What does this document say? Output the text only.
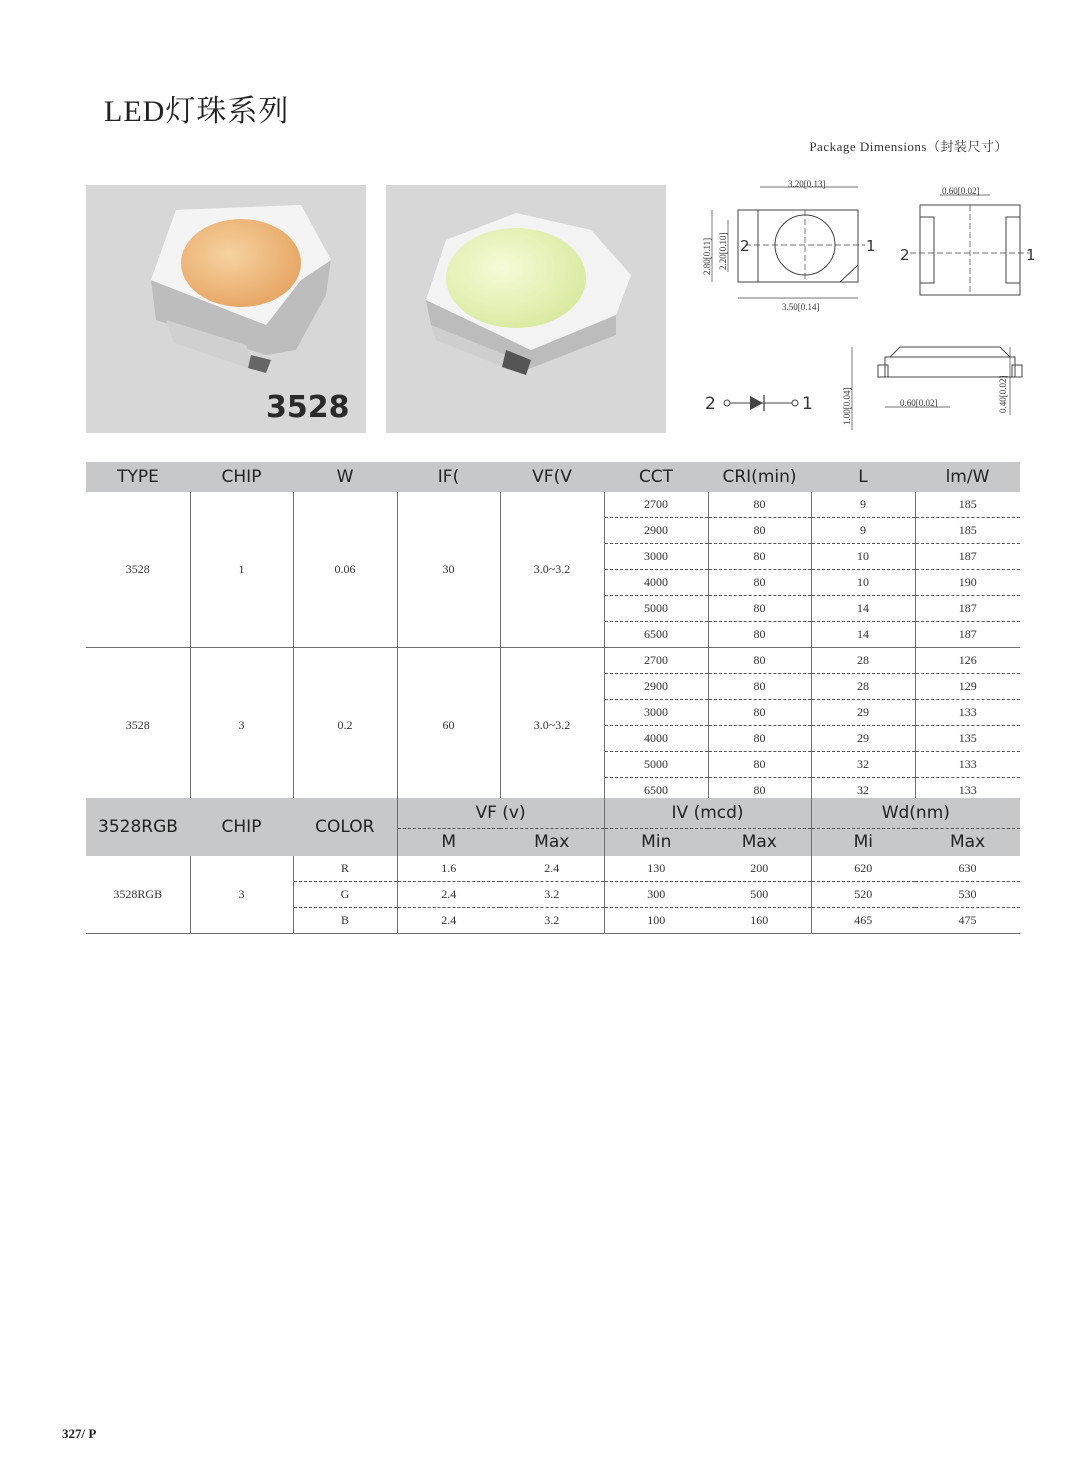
LED灯珠系列
Package Dimensions（封装尺寸）
3528
3.20[0.13]
2	1
3.50[0.14]
2.80[0.11] 2.20[0.10]
0.60[0.02]
2	1
1.00[0.04]	0.60[0.02]	0.40[0.02]
2	1
TYPE	CHIP	W	IF(	VF(V	CCT	CRI(min)	L	lm/W
3528	1	0.06	30	3.0~3.2	2700	80	9	185
					2900	80	9	185
					3000	80	10	187
					4000	80	10	190
					5000	80	14	187
					6500	80	14	187
3528	3	0.2	60	3.0~3.2	2700	80	28	126
					2900	80	28	129
					3000	80	29	133
					4000	80	29	135
					5000	80	32	133
					6500	80	32	133
3528RGB	CHIP	COLOR	VF (v)		IV (mcd)		Wd(nm)	
			M	Max	Min	Max	Mi	Max
3528RGB	3	R	1.6	2.4	130	200	620	630
		G	2.4	3.2	300	500	520	530
		B	2.4	3.2	100	160	465	475
327/ P
